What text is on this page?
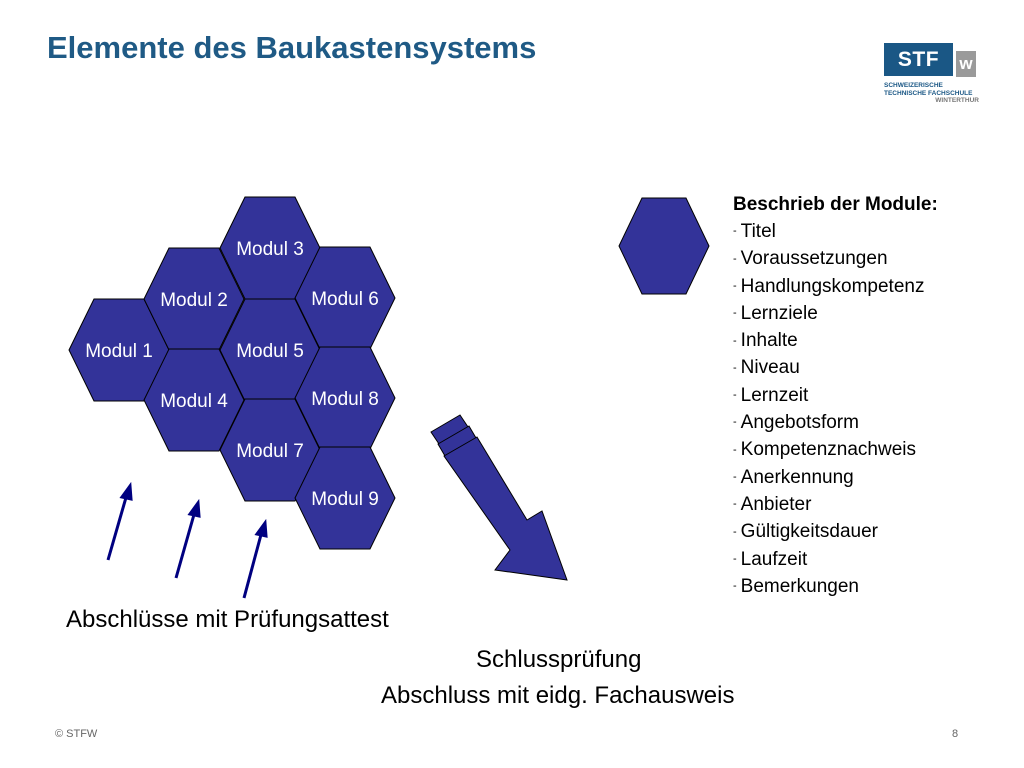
Elemente des Baukastensystems	STF	w
SCHWEIZERISCHE
TECHNISCHE FACHSCHULE
WINTERTHUR
Modul 1
Modul 2
Modul 3
Modul 4
Modul 5
Modul 6
Modul 7
Modul 8
Modul 9
Beschrieb der Module:
- Titel
- Voraussetzungen
- Handlungskompetenz
- Lernziele
- Inhalte
- Niveau
- Lernzeit
- Angebotsform
- Kompetenznachweis
- Anerkennung
- Anbieter
- Gültigkeitsdauer
- Laufzeit
- Bemerkungen
Abschlüsse mit Prüfungsattest
Schlussprüfung
Abschluss mit eidg. Fachausweis
© STFW	8
